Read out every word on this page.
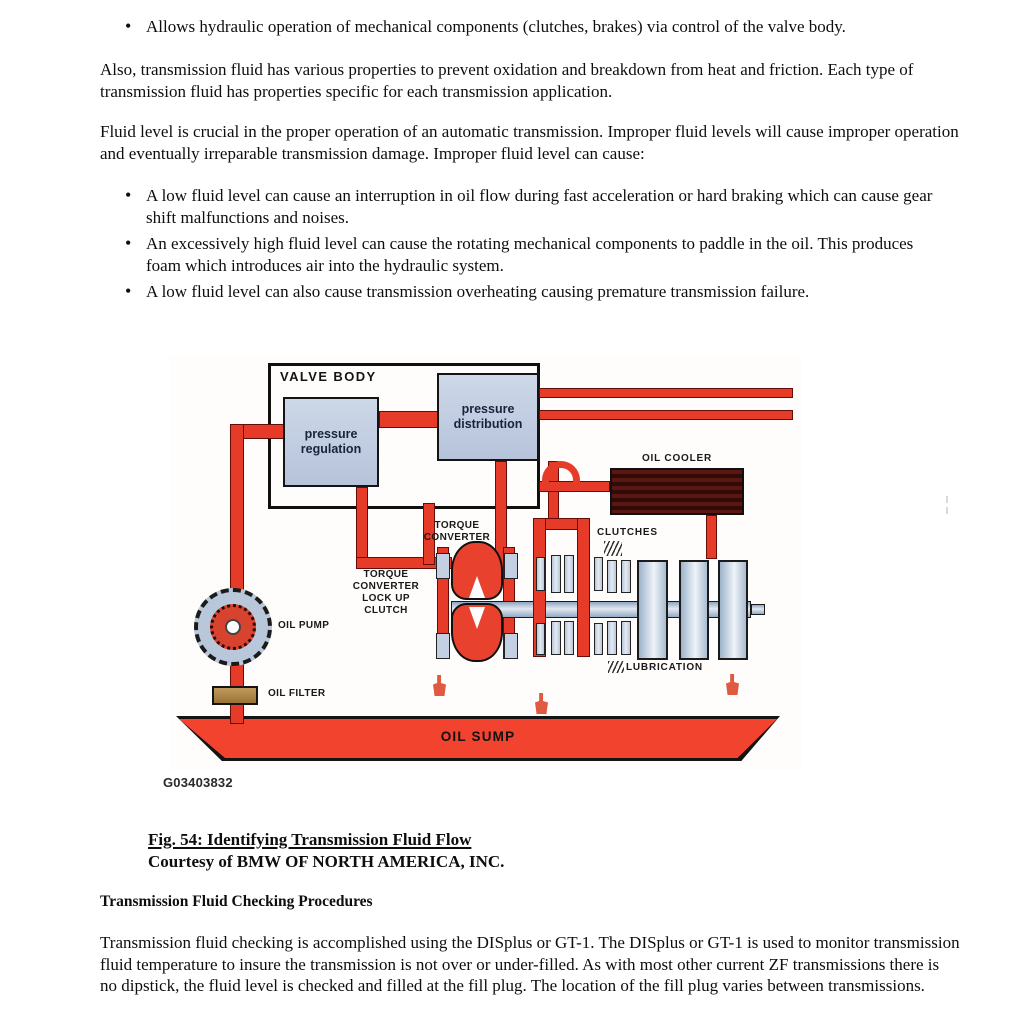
• Allows hydraulic operation of mechanical components (clutches, brakes) via control of the valve body.
Also, transmission fluid has various properties to prevent oxidation and breakdown from heat and friction. Each type of transmission fluid has properties specific for each transmission application.
Fluid level is crucial in the proper operation of an automatic transmission. Improper fluid levels will cause improper operation and eventually irreparable transmission damage. Improper fluid level can cause:
• A low fluid level can cause an interruption in oil flow during fast acceleration or hard braking which can cause gear shift malfunctions and noises.
• An excessively high fluid level can cause the rotating mechanical components to paddle in the oil. This produces foam which introduces air into the hydraulic system.
• A low fluid level can also cause transmission overheating causing premature transmission failure.
OIL SUMP
VALVE BODY
pressure regulation
pressure distribution
OIL COOLER
TORQUE CONVERTER
TORQUE CONVERTER LOCK UP CLUTCH
CLUTCHES
OIL PUMP
OIL FILTER
LUBRICATION
G03403832
Fig. 54: Identifying Transmission Fluid Flow
Courtesy of BMW OF NORTH AMERICA, INC.
Transmission Fluid Checking Procedures
Transmission fluid checking is accomplished using the DISplus or GT-1. The DISplus or GT-1 is used to monitor transmission fluid temperature to insure the transmission is not over or under-filled. As with most other current ZF transmissions there is no dipstick, the fluid level is checked and filled at the fill plug. The location of the fill plug varies between transmissions.
